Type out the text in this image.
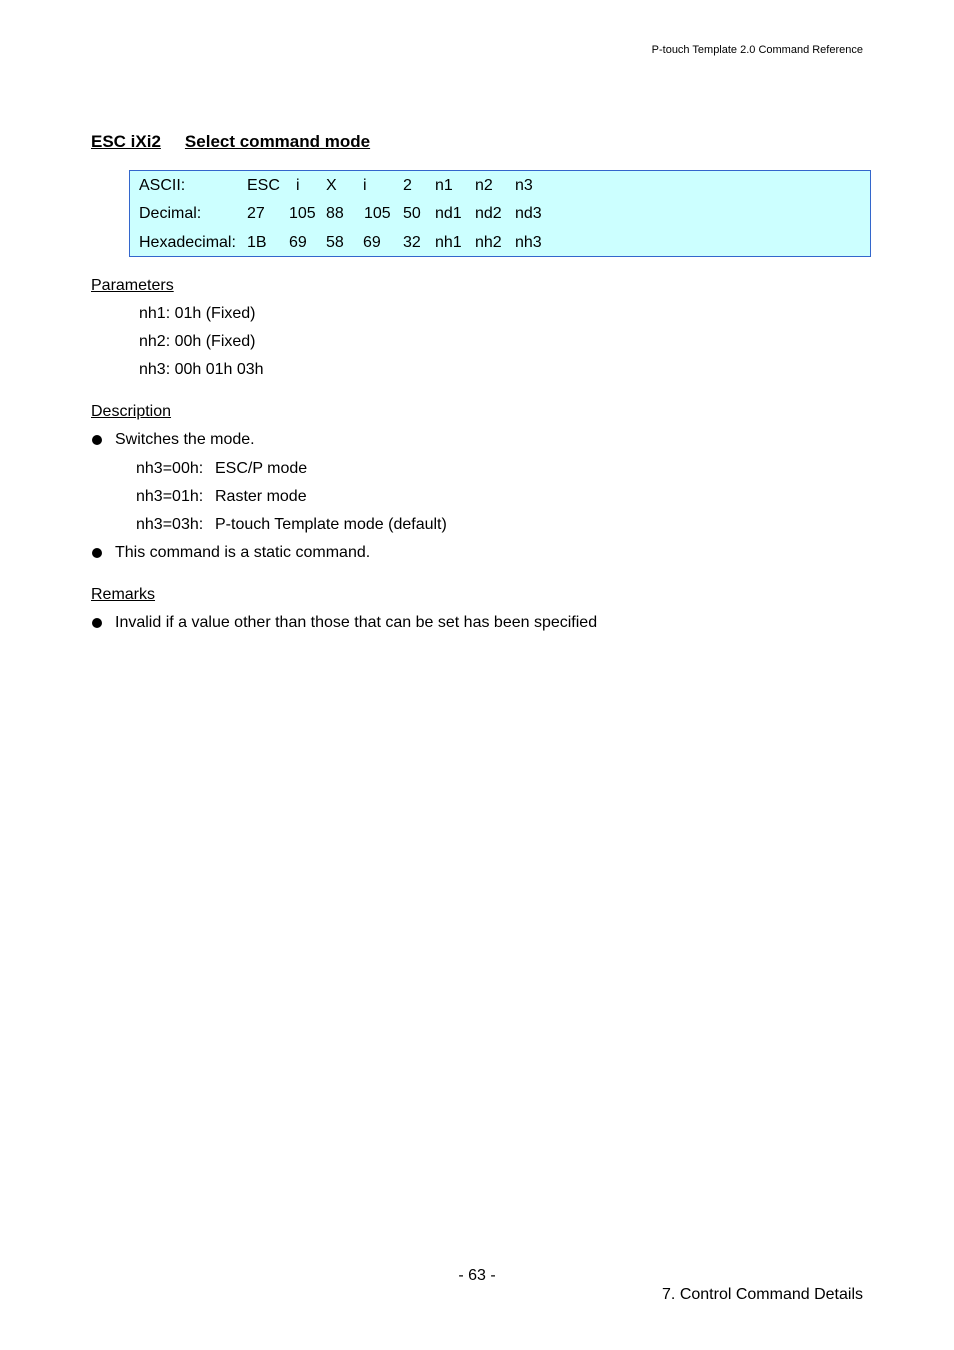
P-touch Template 2.0 Command Reference
ESC iXi2 Select command mode
ASCII:	ESC i X i 2 n1 n2 n3
Decimal:	27 105 88 105 50 nd1 nd2 nd3
Hexadecimal: 1B 69 58 69 32 nh1 nh2 nh3
Parameters
nh1: 01h (Fixed)
nh2: 00h (Fixed)
nh3: 00h 01h 03h
Description
Switches the mode.
nh3=00h: ESC/P mode
nh3=01h: Raster mode
nh3=03h: P-touch Template mode (default)
This command is a static command.
Remarks
Invalid if a value other than those that can be set has been specified
- 63 -
7. Control Command Details
